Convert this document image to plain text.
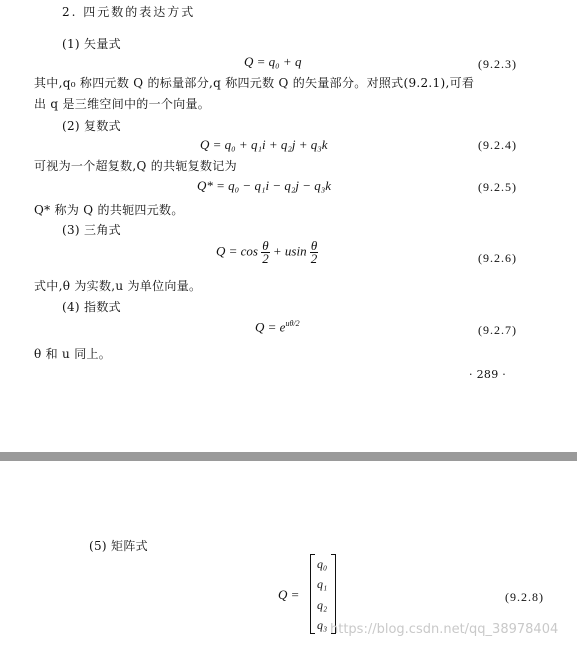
2. 四元数的表达方式
(1) 矢量式
Q = q₀ + q	(9.2.3)
其中,q₀ 称四元数 Q 的标量部分,q 称四元数 Q 的矢量部分。对照式(9.2.1),可看
出 q 是三维空间中的一个向量。
(2) 复数式
Q = q₀ + q₁i + q₂j + q₃k	(9.2.4)
可视为一个超复数,Q 的共轭复数记为
Q* = q₀ − q₁i − q₂j − q₃k	(9.2.5)
Q* 称为 Q 的共轭四元数。
(3) 三角式
$Q = \cos \frac{\theta}{2} + usin \frac{\theta}{2}$	(9.2.6)
式中,θ 为实数,u 为单位向量。
(4) 指数式
$Q = e^{u\theta/2}$	(9.2.7)
θ 和 u 同上。
· 289 ·
(5) 矩阵式
Q =
q₀
q₁
q₂
q₃
(9.2.8)
https://blog.csdn.net/qq_38978404
